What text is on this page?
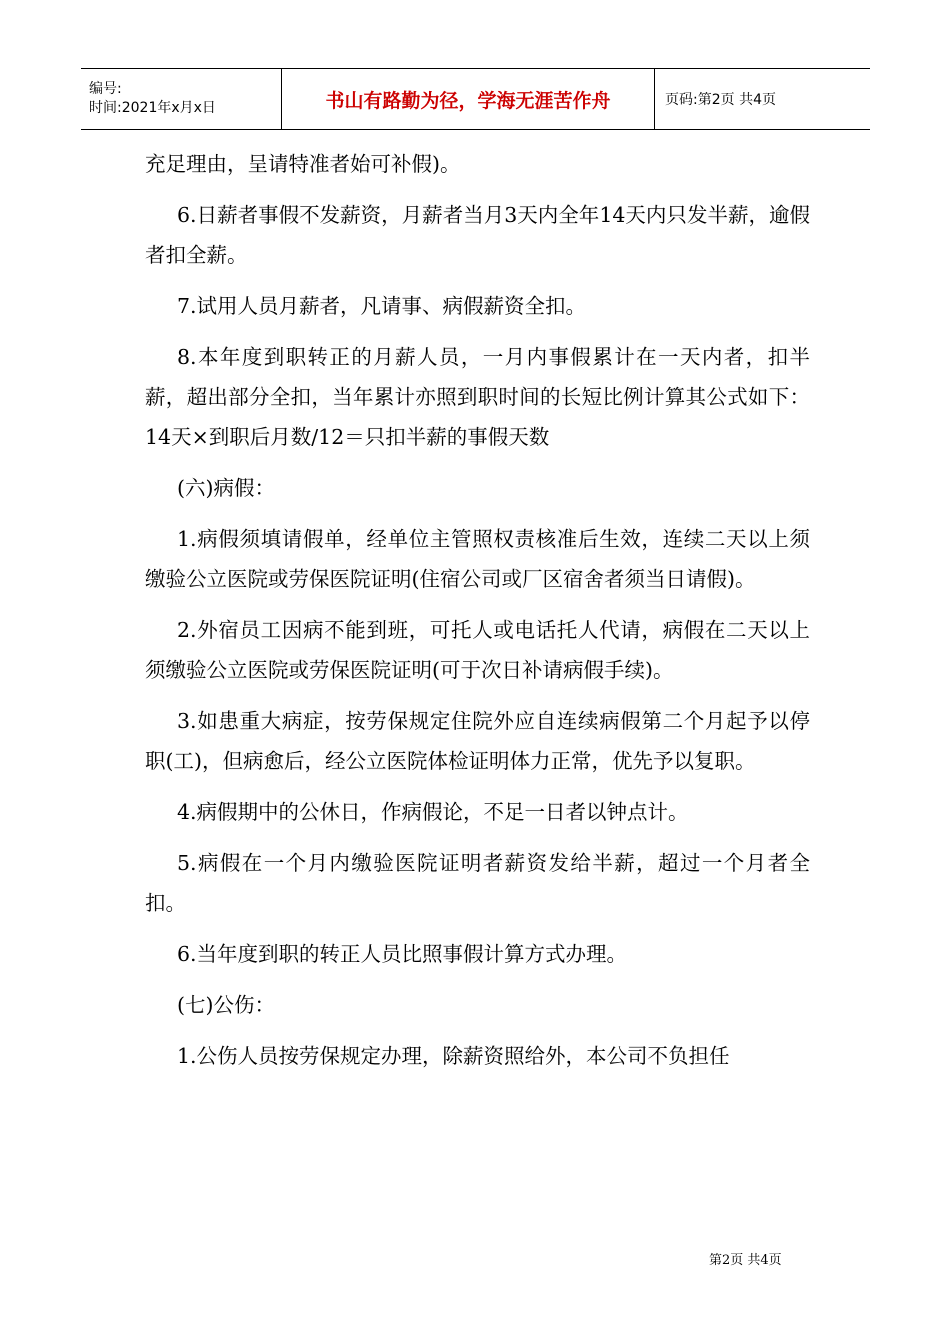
编号:
时间:2021年x月x日	书山有路勤为径，学海无涯苦作舟	页码:第2页 共4页

充足理由，呈请特准者始可补假)。

6.日薪者事假不发薪资，月薪者当月3天内全年14天内只发半薪，逾假者扣全薪。

7.试用人员月薪者，凡请事、病假薪资全扣。

8.本年度到职转正的月薪人员，一月内事假累计在一天内者，扣半薪，超出部分全扣，当年累计亦照到职时间的长短比例计算其公式如下：14天×到职后月数/12＝只扣半薪的事假天数

(六)病假：

1.病假须填请假单，经单位主管照权责核准后生效，连续二天以上须缴验公立医院或劳保医院证明(住宿公司或厂区宿舍者须当日请假)。

2.外宿员工因病不能到班，可托人或电话托人代请，病假在二天以上须缴验公立医院或劳保医院证明(可于次日补请病假手续)。

3.如患重大病症，按劳保规定住院外应自连续病假第二个月起予以停职(工)，但病愈后，经公立医院体检证明体力正常，优先予以复职。

4.病假期中的公休日，作病假论，不足一日者以钟点计。

5.病假在一个月内缴验医院证明者薪资发给半薪，超过一个月者全扣。

6.当年度到职的转正人员比照事假计算方式办理。

(七)公伤：

1.公伤人员按劳保规定办理，除薪资照给外，本公司不负担任

第2页 共4页
